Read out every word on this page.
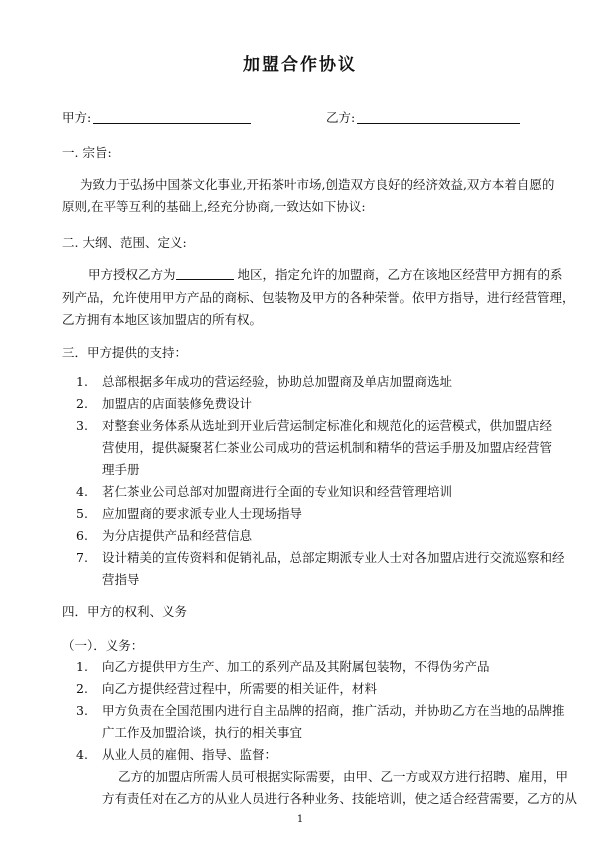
加盟合作协议
甲方:	乙方:
一. 宗旨:
为致力于弘扬中国茶文化事业,开拓茶叶市场,创造双方良好的经济效益,双方本着自愿的
原则,在平等互利的基础上,经充分协商,一致达如下协议:
二. 大纲、范围、定义:
甲方授权乙方为	地区，指定允许的加盟商，乙方在该地区经营甲方拥有的系
列产品，允许使用甲方产品的商标、包装物及甲方的各种荣誉。依甲方指导，进行经营管理，
乙方拥有本地区该加盟店的所有权。
三．甲方提供的支持：
1. 总部根据多年成功的营运经验，协助总加盟商及单店加盟商选址
2. 加盟店的店面装修免费设计
3. 对整套业务体系从选址到开业后营运制定标准化和规范化的运营模式，供加盟店经
营使用，提供凝聚茗仁茶业公司成功的营运机制和精华的营运手册及加盟店经营管
理手册
4. 茗仁茶业公司总部对加盟商进行全面的专业知识和经营管理培训
5. 应加盟商的要求派专业人士现场指导
6. 为分店提供产品和经营信息
7. 设计精美的宣传资料和促销礼品，总部定期派专业人士对各加盟店进行交流巡察和经
营指导
四．甲方的权利、义务
（一）．义务：
1. 向乙方提供甲方生产、加工的系列产品及其附属包装物，不得伪劣产品
2. 向乙方提供经营过程中，所需要的相关证件，材料
3. 甲方负责在全国范围内进行自主品牌的招商，推广活动，并协助乙方在当地的品牌推
广工作及加盟洽谈，执行的相关事宜
4. 从业人员的雇佣、指导、监督：
乙方的加盟店所需人员可根据实际需要，由甲、乙一方或双方进行招聘、雇用，甲
方有责任对在乙方的从业人员进行各种业务、技能培训，使之适合经营需要，乙方的从
1
